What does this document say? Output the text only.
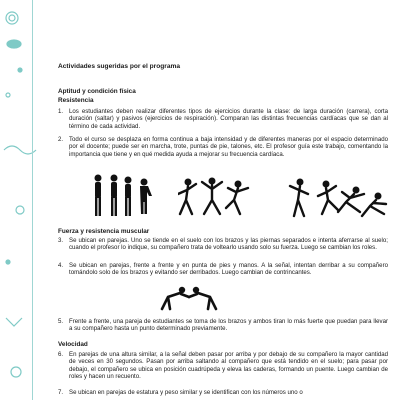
Actividades sugeridas por el programa
Aptitud y condición física
Resistencia
1. Los estudiantes deben realizar diferentes tipos de ejercicios durante la clase: de larga duración (carrera), corta duración (saltar) y pasivos (ejercicios de respiración). Comparan las distintas frecuencias cardíacas que se dan al término de cada actividad.
2. Todo el curso se desplaza en forma continua a baja intensidad y de diferentes maneras por el espacio determinado por el docente; puede ser en marcha, trote, puntas de pie, talones, etc. El profesor guía este trabajo, comentando la importancia que tiene y en qué medida ayuda a mejorar su frecuencia cardíaca.
Fuerza y resistencia muscular
3. Se ubican en parejas. Uno se tiende en el suelo con los brazos y las piernas separados e intenta aferrarse al suelo; cuando el profesor lo indique, su compañero trata de voltearlo usando solo su fuerza. Luego se cambian los roles.
4. Se ubican en parejas, frente a frente y en punta de pies y manos. A la señal, intentan derribar a su compañero tomándolo solo de los brazos y evitando ser derribados. Luego cambian de contrincantes.
5. Frente a frente, una pareja de estudiantes se toma de los brazos y ambos tiran lo más fuerte que puedan para llevar a su compañero hasta un punto determinado previamente.
Velocidad
6. En parejas de una altura similar, a la señal deben pasar por arriba y por debajo de su compañero la mayor cantidad de veces en 30 segundos. Pasan por arriba saltando al compañero que está tendido en el suelo; para pasar por debajo, el compañero se ubica en posición cuadrúpeda y eleva las caderas, formando un puente. Luego cambian de roles y hacen un recuento.
7. Se ubican en parejas de estatura y peso similar y se identifican con los números uno o
